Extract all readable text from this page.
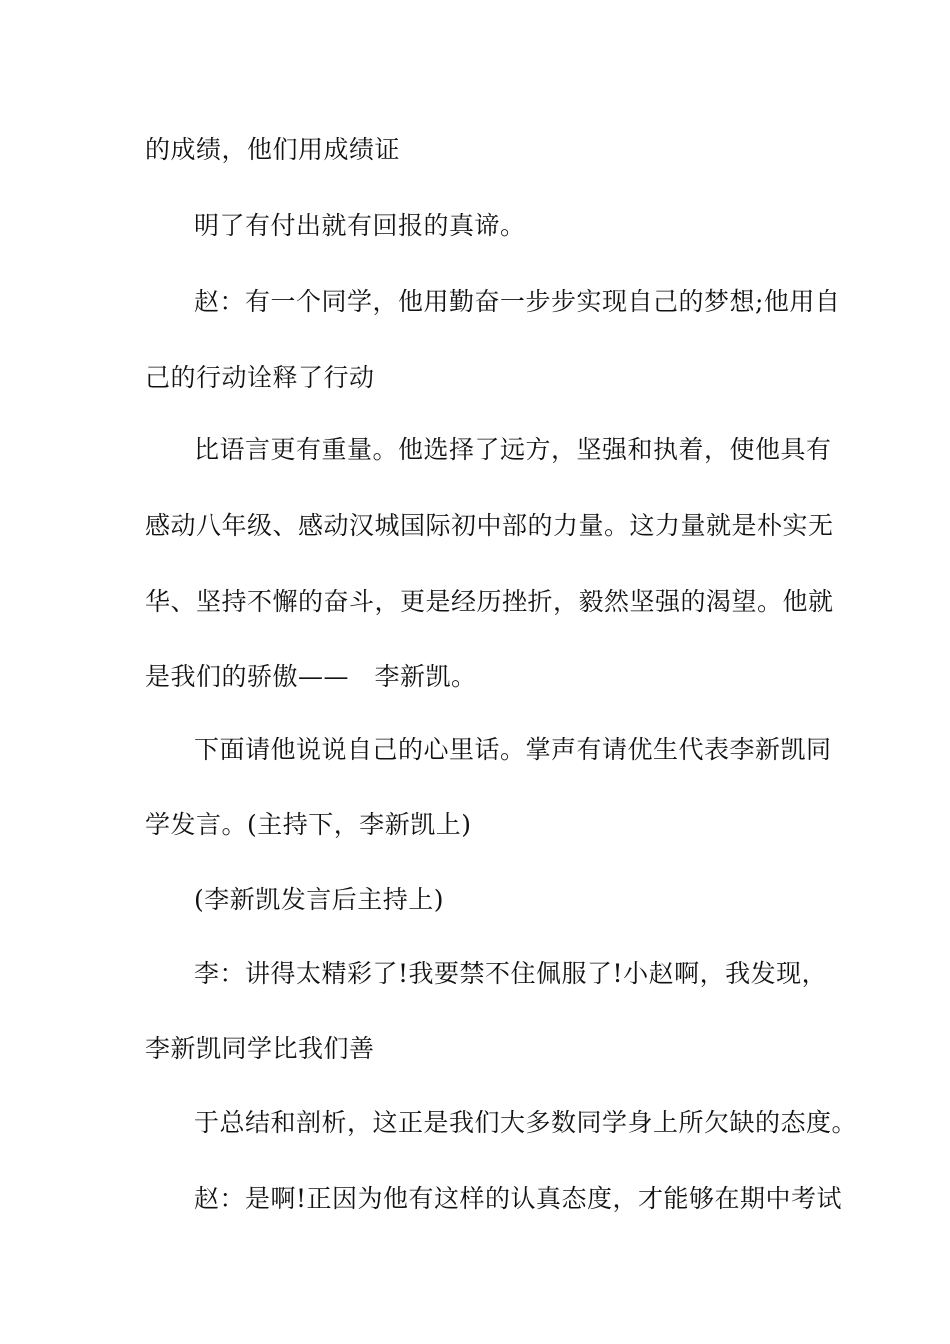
的成绩，他们用成绩证
明了有付出就有回报的真谛。
赵：有一个同学，他用勤奋一步步实现自己的梦想;他用自
己的行动诠释了行动
比语言更有重量。他选择了远方，坚强和执着，使他具有
感动八年级、感动汉城国际初中部的力量。这力量就是朴实无
华、坚持不懈的奋斗，更是经历挫折，毅然坚强的渴望。他就
是我们的骄傲——　李新凯。
下面请他说说自己的心里话。掌声有请优生代表李新凯同
学发言。(主持下，李新凯上)
(李新凯发言后主持上)
李：讲得太精彩了!我要禁不住佩服了!小赵啊，我发现，
李新凯同学比我们善
于总结和剖析，这正是我们大多数同学身上所欠缺的态度。
赵：是啊!正因为他有这样的认真态度，才能够在期中考试
